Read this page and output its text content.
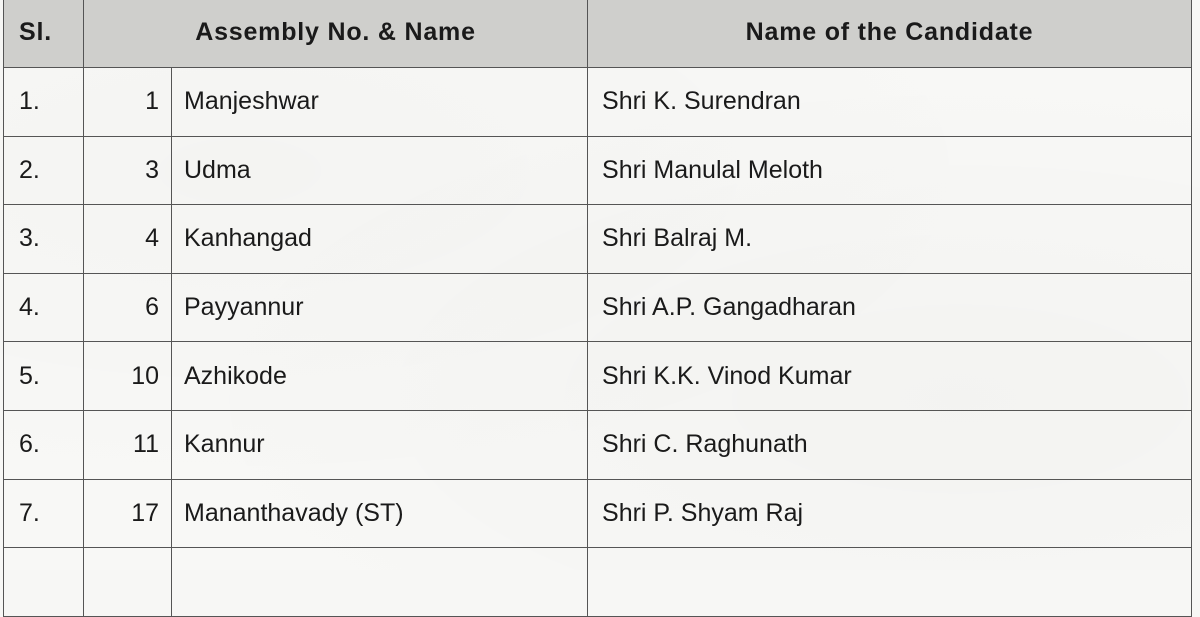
Sl.	Assembly No. & Name		Name of the Candidate
1.	1	Manjeshwar	Shri K. Surendran
2.	3	Udma	Shri Manulal Meloth
3.	4	Kanhangad	Shri Balraj M.
4.	6	Payyannur	Shri A.P. Gangadharan
5.	10	Azhikode	Shri K.K. Vinod Kumar
6.	11	Kannur	Shri C. Raghunath
7.	17	Mananthavady (ST)	Shri P. Shyam Raj
